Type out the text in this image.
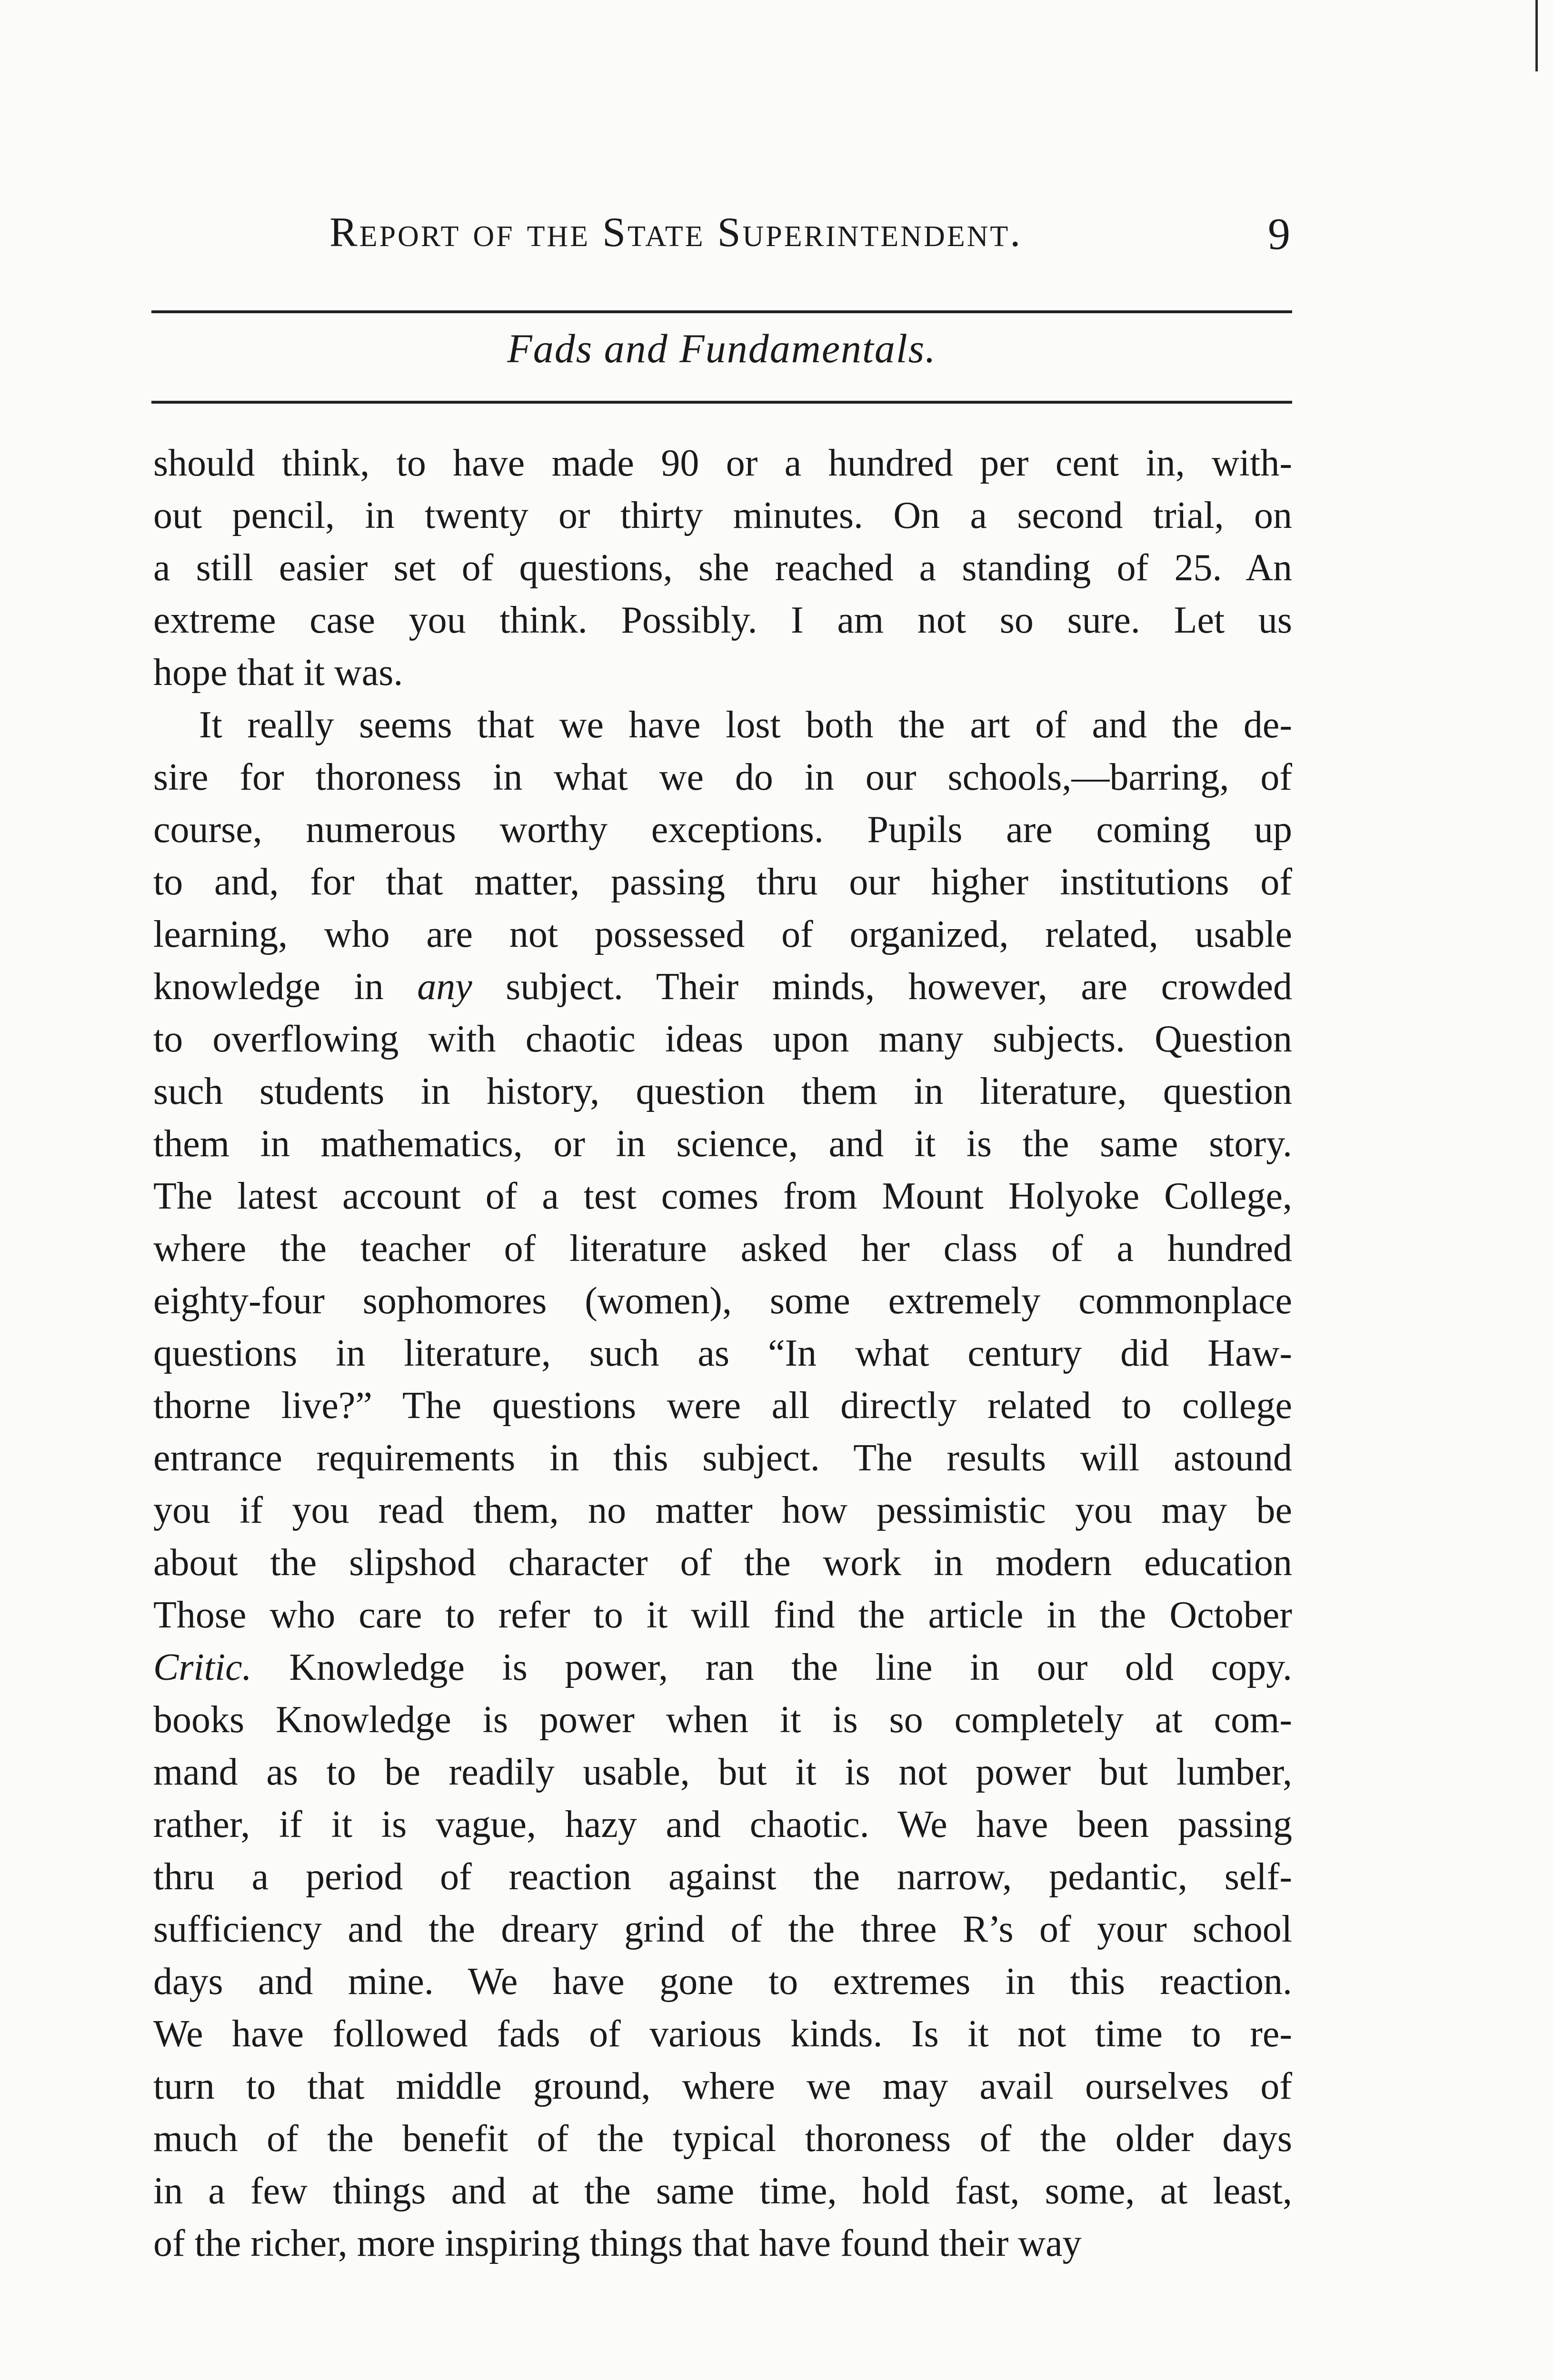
Report of the State Superintendent.	9
Fads and Fundamentals.
should think, to have made 90 or a hundred per cent in, with-
out pencil, in twenty or thirty minutes. On a second trial, on
a still easier set of questions, she reached a standing of 25. An
extreme case you think. Possibly. I am not so sure. Let us
hope that it was.
It really seems that we have lost both the art of and the de-
sire for thoroness in what we do in our schools,—barring, of
course, numerous worthy exceptions. Pupils are coming up
to and, for that matter, passing thru our higher institutions of
learning, who are not possessed of organized, related, usable
knowledge in any subject. Their minds, however, are crowded
to overflowing with chaotic ideas upon many subjects. Question
such students in history, question them in literature, question
them in mathematics, or in science, and it is the same story.
The latest account of a test comes from Mount Holyoke College,
where the teacher of literature asked her class of a hundred
eighty-four sophomores (women), some extremely commonplace
questions in literature, such as “In what century did Haw-
thorne live?” The questions were all directly related to college
entrance requirements in this subject. The results will astound
you if you read them, no matter how pessimistic you may be
about the slipshod character of the work in modern education
Those who care to refer to it will find the article in the October
Critic. Knowledge is power, ran the line in our old copy.
books Knowledge is power when it is so completely at com-
mand as to be readily usable, but it is not power but lumber,
rather, if it is vague, hazy and chaotic. We have been passing
thru a period of reaction against the narrow, pedantic, self-
sufficiency and the dreary grind of the three R’s of your school
days and mine. We have gone to extremes in this reaction.
We have followed fads of various kinds. Is it not time to re-
turn to that middle ground, where we may avail ourselves of
much of the benefit of the typical thoroness of the older days
in a few things and at the same time, hold fast, some, at least,
of the richer, more inspiring things that have found their way
